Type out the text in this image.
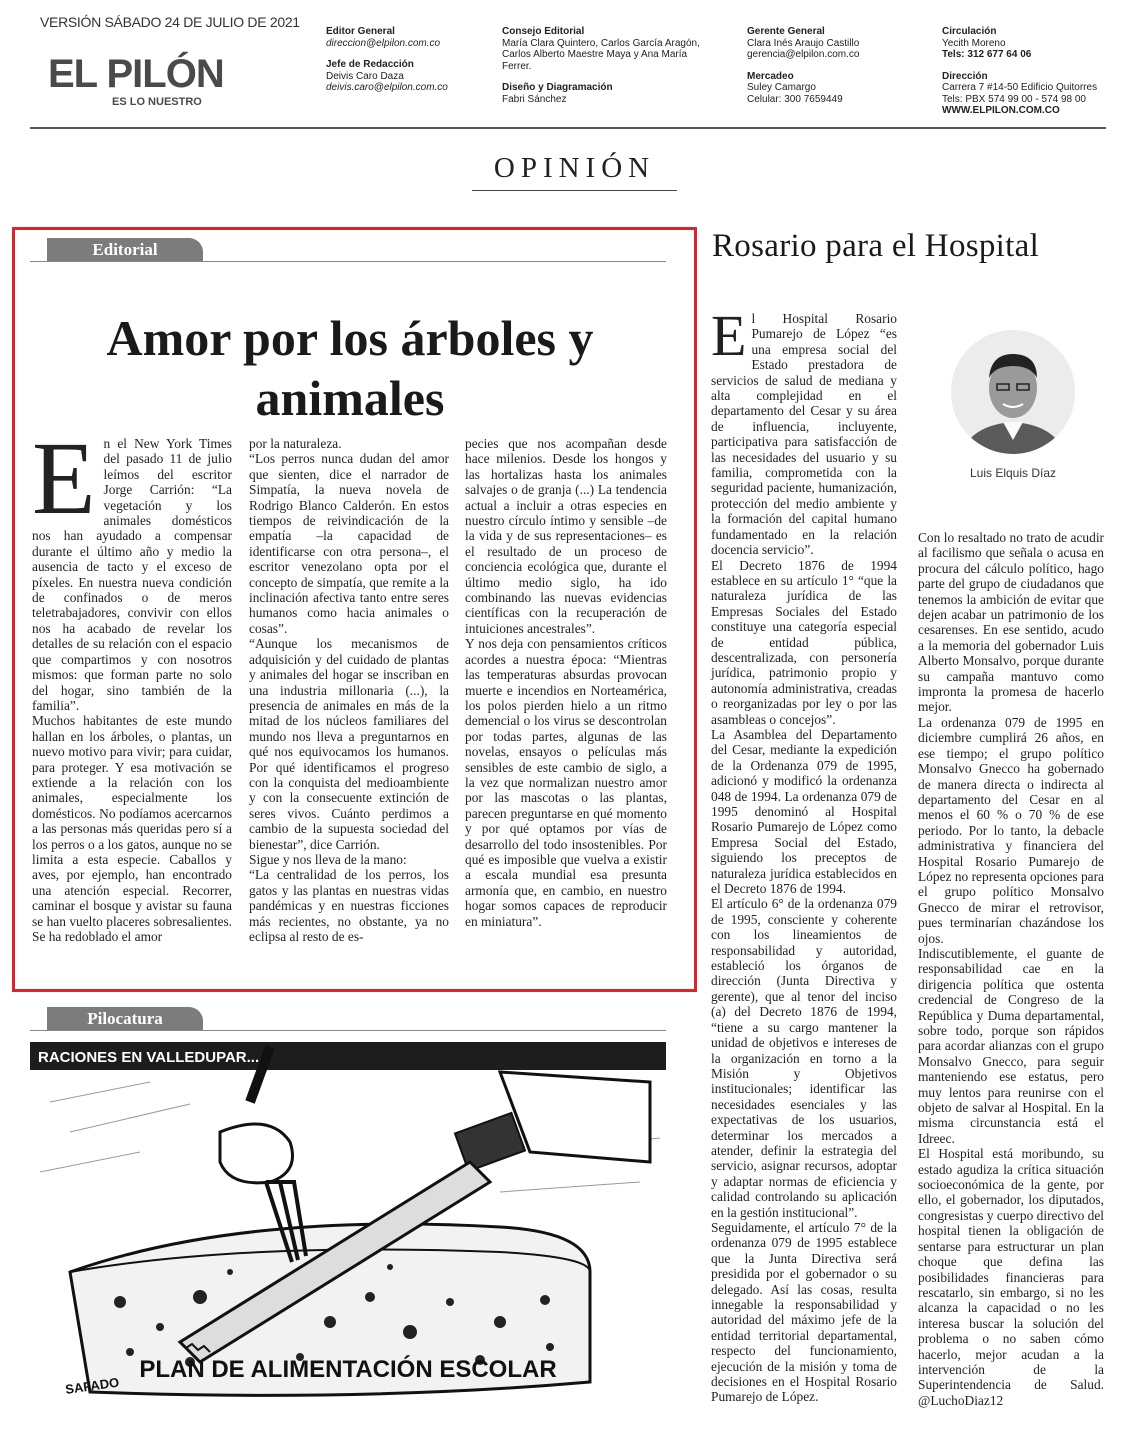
VERSIÓN SÁBADO 24 DE JULIO DE 2021
EL PILÓN
ES LO NUESTRO
Editor General
direccion@elpilon.com.co
Jefe de Redacción
Deivis Caro Daza
deivis.caro@elpilon.com.co
Consejo Editorial
María Clara Quintero, Carlos García Aragón,
Carlos Alberto Maestre Maya y Ana María
Ferrer.
Diseño y Diagramación
Fabri Sánchez
Gerente General
Clara Inés Araujo Castillo
gerencia@elpilon.com.co
Mercadeo
Suley Camargo
Celular: 300 7659449
Circulación
Yecith Moreno
Tels: 312 677 64 06
Dirección
Carrera 7 #14-50 Edificio Quitorres
Tels: PBX 574 99 00 - 574 98 00
WWW.ELPILON.COM.CO
OPINIÓN
Editorial
Amor por los árboles y
animales

En el New York Times del pasado 11 de julio leímos del escritor Jorge Carrión: “La vegetación y los animales domésticos nos han ayudado a compensar durante el último año y medio la ausencia de tacto y el exceso de píxeles. En nuestra nueva condición de confinados o de meros teletrabajadores, convivir con ellos nos ha acabado de revelar los detalles de su relación con el espacio que compartimos y con nosotros mismos: que forman parte no solo del hogar, sino también de la familia”.

Muchos habitantes de este mundo hallan en los árboles, o plantas, un nuevo motivo para vivir; para cuidar, para proteger. Y esa motivación se extiende a la relación con los animales, especialmente los domésticos. No podíamos acercarnos a las personas más queridas pero sí a los perros o a los gatos, aunque no se limita a esta especie. Caballos y aves, por ejemplo, han encontrado una atención especial. Recorrer, caminar el bosque y avistar su fauna se han vuelto placeres sobresalientes. Se ha redoblado el amor

por la naturaleza.

“Los perros nunca dudan del amor que sienten, dice el narrador de Simpatía, la nueva novela de Rodrigo Blanco Calderón. En estos tiempos de reivindicación de la empatía –la capacidad de identificarse con otra persona–, el escritor venezolano opta por el concepto de simpatía, que remite a la inclinación afectiva tanto entre seres humanos como hacia animales o cosas”.

“Aunque los mecanismos de adquisición y del cuidado de plantas y animales del hogar se inscriban en una industria millonaria (...), la presencia de animales en más de la mitad de los núcleos familiares del mundo nos lleva a preguntarnos en qué nos equivocamos los humanos. Por qué identificamos el progreso con la conquista del medioambiente y con la consecuente extinción de seres vivos. Cuánto perdimos a cambio de la supuesta sociedad del bienestar”, dice Carrión.

Sigue y nos lleva de la mano:

“La centralidad de los perros, los gatos y las plantas en nuestras vidas pandémicas y en nuestras ficciones más recientes, no obstante, ya no eclipsa al resto de es-

pecies que nos acompañan desde hace milenios. Desde los hongos y las hortalizas hasta los animales salvajes o de granja (...) La tendencia actual a incluir a otras especies en nuestro círculo íntimo y sensible –de la vida y de sus representaciones– es el resultado de un proceso de conciencia ecológica que, durante el último medio siglo, ha ido combinando las nuevas evidencias científicas con la recuperación de intuiciones ancestrales”.

Y nos deja con pensamientos críticos acordes a nuestra época: “Mientras las temperaturas absurdas provocan muerte e incendios en Norteamérica, los polos pierden hielo a un ritmo demencial o los virus se descontrolan por todas partes, algunas de las novelas, ensayos o películas más sensibles de este cambio de siglo, a la vez que normalizan nuestro amor por las mascotas o las plantas, parecen preguntarse en qué momento y por qué optamos por vías de desarrollo del todo insostenibles. Por qué es imposible que vuelva a existir a escala mundial esa presunta armonía que, en cambio, en nuestro hogar somos capaces de reproducir en miniatura”.

Pilocatura
RACIONES EN VALLEDUPAR...
PLAN DE ALIMENTACIÓN ESCOLAR
SAFADO
Rosario para el Hospital
Luis Elquis Díaz

El Hospital Rosario Pumarejo de López “es una empresa social del Estado prestadora de servicios de salud de mediana y alta complejidad en el departamento del Cesar y su área de influencia, incluyente, participativa para satisfacción de las necesidades del usuario y su familia, comprometida con la seguridad paciente, humanización, protección del medio ambiente y la formación del capital humano fundamentado en la relación docencia servicio”.

El Decreto 1876 de 1994 establece en su artículo 1° “que la naturaleza jurídica de las Empresas Sociales del Estado constituye una categoría especial de entidad pública, descentralizada, con personería jurídica, patrimonio propio y autonomía administrativa, creadas o reorganizadas por ley o por las asambleas o concejos”.

La Asamblea del Departamento del Cesar, mediante la expedición de la Ordenanza 079 de 1995, adicionó y modificó la ordenanza 048 de 1994. La ordenanza 079 de 1995 denominó al Hospital Rosario Pumarejo de López como Empresa Social del Estado, siguiendo los preceptos de naturaleza jurídica establecidos en el Decreto 1876 de 1994.

El artículo 6° de la ordenanza 079 de 1995, consciente y coherente con los lineamientos de responsabilidad y autoridad, estableció los órganos de dirección (Junta Directiva y gerente), que al tenor del inciso (a) del Decreto 1876 de 1994, “tiene a su cargo mantener la unidad de objetivos e intereses de la organización en torno a la Misión y Objetivos institucionales; identificar las necesidades esenciales y las expectativas de los usuarios, determinar los mercados a atender, definir la estrategia del servicio, asignar recursos, adoptar y adaptar normas de eficiencia y calidad controlando su aplicación en la gestión institucional”.

Seguidamente, el artículo 7° de la ordenanza 079 de 1995 establece que la Junta Directiva será presidida por el gobernador o su delegado. Así las cosas, resulta innegable la responsabilidad y autoridad del máximo jefe de la entidad territorial departamental, respecto del funcionamiento, ejecución de la misión y toma de decisiones en el Hospital Rosario Pumarejo de López.

Con lo resaltado no trato de acudir al facilismo que señala o acusa en procura del cálculo político, hago parte del grupo de ciudadanos que tenemos la ambición de evitar que dejen acabar un patrimonio de los cesarenses. En ese sentido, acudo a la memoria del gobernador Luis Alberto Monsalvo, porque durante su campaña mantuvo como impronta la promesa de hacerlo mejor.

La ordenanza 079 de 1995 en diciembre cumplirá 26 años, en ese tiempo; el grupo político Monsalvo Gnecco ha gobernado de manera directa o indirecta al departamento del Cesar en al menos el 60 % o 70 % de ese periodo. Por lo tanto, la debacle administrativa y financiera del Hospital Rosario Pumarejo de López no representa opciones para el grupo político Monsalvo Gnecco de mirar el retrovisor, pues terminarían chazándose los ojos.

Indiscutiblemente, el guante de responsabilidad cae en la dirigencia política que ostenta credencial de Congreso de la República y Duma departamental, sobre todo, porque son rápidos para acordar alianzas con el grupo Monsalvo Gnecco, para seguir manteniendo ese estatus, pero muy lentos para reunirse con el objeto de salvar al Hospital. En la misma circunstancia está el Idreec.

El Hospital está moribundo, su estado agudiza la crítica situación socioeconómica de la gente, por ello, el gobernador, los diputados, congresistas y cuerpo directivo del hospital tienen la obligación de sentarse para estructurar un plan choque que defina las posibilidades financieras para rescatarlo, sin embargo, si no les alcanza la capacidad o no les interesa buscar la solución del problema o no saben cómo hacerlo, mejor acudan a la intervención de la Superintendencia de Salud. @LuchoDiaz12
